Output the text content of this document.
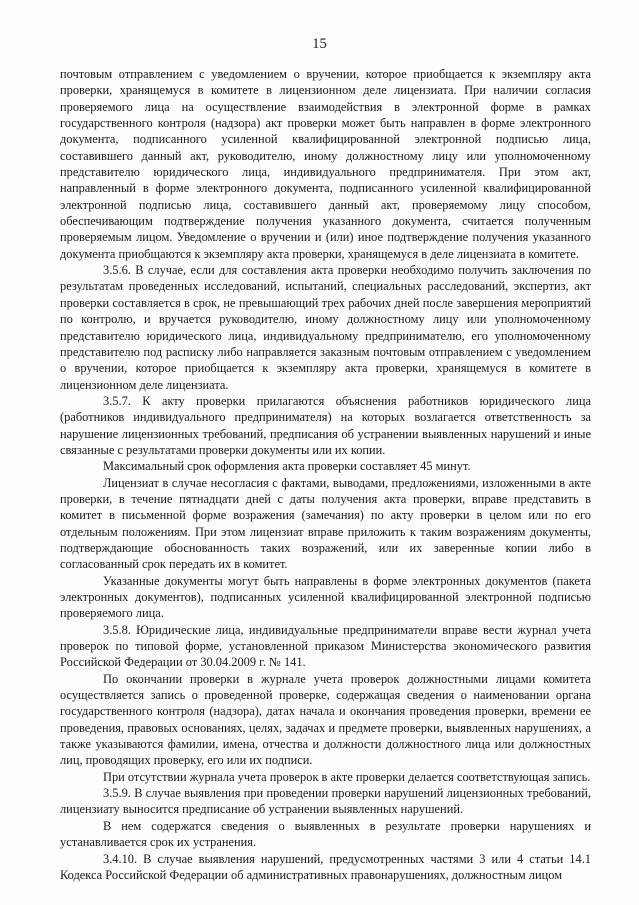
15

почтовым отправлением с уведомлением о вручении, которое приобщается к экземпляру акта проверки, хранящемуся в комитете в лицензионном деле лицензиата. При наличии согласия проверяемого лица на осуществление взаимодействия в электронной форме в рамках государственного контроля (надзора) акт проверки может быть направлен в форме электронного документа, подписанного усиленной квалифицированной электронной подписью лица, составившего данный акт, руководителю, иному должностному лицу или уполномоченному представителю юридического лица, индивидуального предпринимателя. При этом акт, направленный в форме электронного документа, подписанного усиленной квалифицированной электронной подписью лица, составившего данный акт, проверяемому лицу способом, обеспечивающим подтверждение получения указанного документа, считается полученным проверяемым лицом. Уведомление о вручении и (или) иное подтверждение получения указанного документа приобщаются к экземпляру акта проверки, хранящемуся в деле лицензиата в комитете.

3.5.6. В случае, если для составления акта проверки необходимо получить заключения по результатам проведенных исследований, испытаний, специальных расследований, экспертиз, акт проверки составляется в срок, не превышающий трех рабочих дней после завершения мероприятий по контролю, и вручается руководителю, иному должностному лицу или уполномоченному представителю юридического лица, индивидуальному предпринимателю, его уполномоченному представителю под расписку либо направляется заказным почтовым отправлением с уведомлением о вручении, которое приобщается к экземпляру акта проверки, хранящемуся в комитете в лицензионном деле лицензиата.

3.5.7. К акту проверки прилагаются объяснения работников юридического лица (работников индивидуального предпринимателя) на которых возлагается ответственность за нарушение лицензионных требований, предписания об устранении выявленных нарушений и иные связанные с результатами проверки документы или их копии.

Максимальный срок оформления акта проверки составляет 45 минут.

Лицензиат в случае несогласия с фактами, выводами, предложениями, изложенными в акте проверки, в течение пятнадцати дней с даты получения акта проверки, вправе представить в комитет в письменной форме возражения (замечания) по акту проверки в целом или по его отдельным положениям. При этом лицензиат вправе приложить к таким возражениям документы, подтверждающие обоснованность таких возражений, или их заверенные копии либо в согласованный срок передать их в комитет.

Указанные документы могут быть направлены в форме электронных документов (пакета электронных документов), подписанных усиленной квалифицированной электронной подписью проверяемого лица.

3.5.8. Юридические лица, индивидуальные предприниматели вправе вести журнал учета проверок по типовой форме, установленной приказом Министерства экономического развития Российской Федерации от 30.04.2009 г. № 141.

По окончании проверки в журнале учета проверок должностными лицами комитета осуществляется запись о проведенной проверке, содержащая сведения о наименовании органа государственного контроля (надзора), датах начала и окончания проведения проверки, времени ее проведения, правовых основаниях, целях, задачах и предмете проверки, выявленных нарушениях, а также указываются фамилии, имена, отчества и должности должностного лица или должностных лиц, проводящих проверку, его или их подписи.

При отсутствии журнала учета проверок в акте проверки делается соответствующая запись.

3.5.9. В случае выявления при проведении проверки нарушений лицензионных требований, лицензиату выносится предписание об устранении выявленных нарушений.

В нем содержатся сведения о выявленных в результате проверки нарушениях и устанавливается срок их устранения.

3.4.10. В случае выявления нарушений, предусмотренных частями 3 или 4 статьи 14.1 Кодекса Российской Федерации об административных правонарушениях, должностным лицом
